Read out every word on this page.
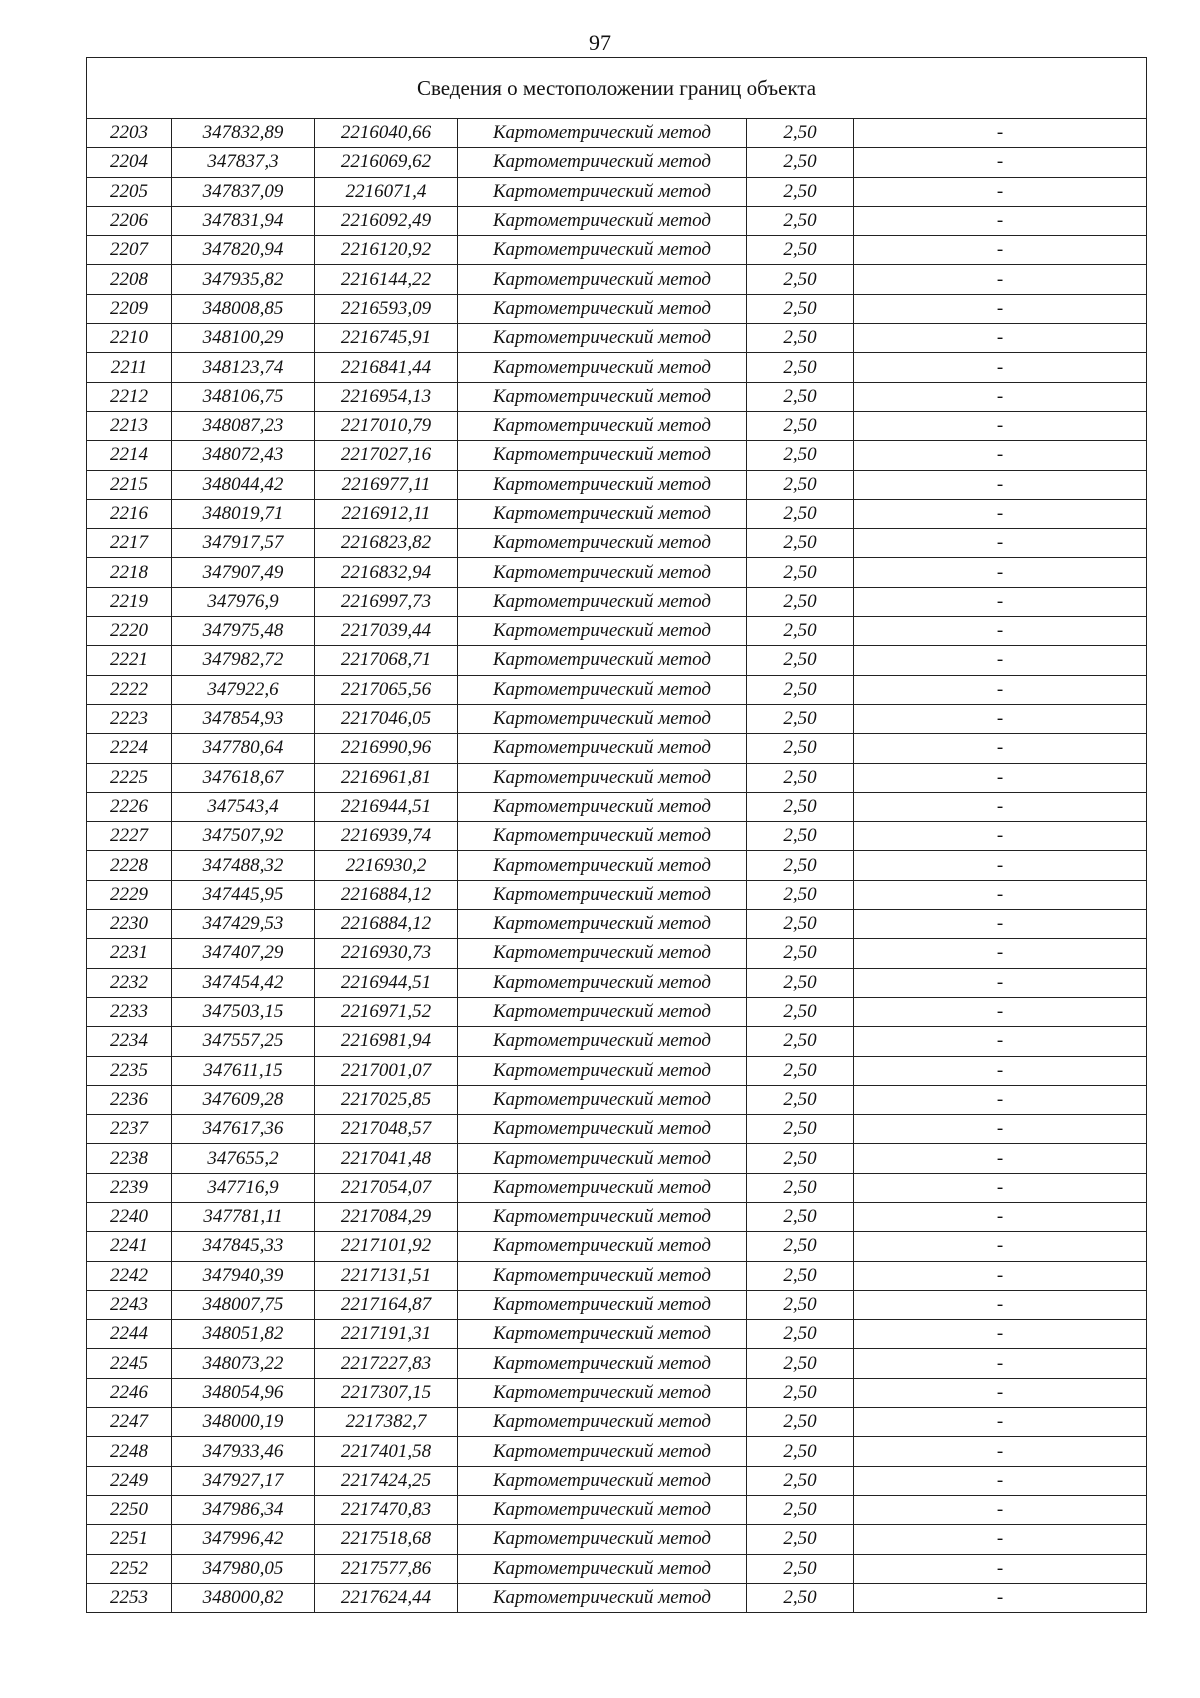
97
Сведения о местоположении границ объекта					
2203	347832,89	2216040,66	Картометрический метод	2,50	-
2204	347837,3	2216069,62	Картометрический метод	2,50	-
2205	347837,09	2216071,4	Картометрический метод	2,50	-
2206	347831,94	2216092,49	Картометрический метод	2,50	-
2207	347820,94	2216120,92	Картометрический метод	2,50	-
2208	347935,82	2216144,22	Картометрический метод	2,50	-
2209	348008,85	2216593,09	Картометрический метод	2,50	-
2210	348100,29	2216745,91	Картометрический метод	2,50	-
2211	348123,74	2216841,44	Картометрический метод	2,50	-
2212	348106,75	2216954,13	Картометрический метод	2,50	-
2213	348087,23	2217010,79	Картометрический метод	2,50	-
2214	348072,43	2217027,16	Картометрический метод	2,50	-
2215	348044,42	2216977,11	Картометрический метод	2,50	-
2216	348019,71	2216912,11	Картометрический метод	2,50	-
2217	347917,57	2216823,82	Картометрический метод	2,50	-
2218	347907,49	2216832,94	Картометрический метод	2,50	-
2219	347976,9	2216997,73	Картометрический метод	2,50	-
2220	347975,48	2217039,44	Картометрический метод	2,50	-
2221	347982,72	2217068,71	Картометрический метод	2,50	-
2222	347922,6	2217065,56	Картометрический метод	2,50	-
2223	347854,93	2217046,05	Картометрический метод	2,50	-
2224	347780,64	2216990,96	Картометрический метод	2,50	-
2225	347618,67	2216961,81	Картометрический метод	2,50	-
2226	347543,4	2216944,51	Картометрический метод	2,50	-
2227	347507,92	2216939,74	Картометрический метод	2,50	-
2228	347488,32	2216930,2	Картометрический метод	2,50	-
2229	347445,95	2216884,12	Картометрический метод	2,50	-
2230	347429,53	2216884,12	Картометрический метод	2,50	-
2231	347407,29	2216930,73	Картометрический метод	2,50	-
2232	347454,42	2216944,51	Картометрический метод	2,50	-
2233	347503,15	2216971,52	Картометрический метод	2,50	-
2234	347557,25	2216981,94	Картометрический метод	2,50	-
2235	347611,15	2217001,07	Картометрический метод	2,50	-
2236	347609,28	2217025,85	Картометрический метод	2,50	-
2237	347617,36	2217048,57	Картометрический метод	2,50	-
2238	347655,2	2217041,48	Картометрический метод	2,50	-
2239	347716,9	2217054,07	Картометрический метод	2,50	-
2240	347781,11	2217084,29	Картометрический метод	2,50	-
2241	347845,33	2217101,92	Картометрический метод	2,50	-
2242	347940,39	2217131,51	Картометрический метод	2,50	-
2243	348007,75	2217164,87	Картометрический метод	2,50	-
2244	348051,82	2217191,31	Картометрический метод	2,50	-
2245	348073,22	2217227,83	Картометрический метод	2,50	-
2246	348054,96	2217307,15	Картометрический метод	2,50	-
2247	348000,19	2217382,7	Картометрический метод	2,50	-
2248	347933,46	2217401,58	Картометрический метод	2,50	-
2249	347927,17	2217424,25	Картометрический метод	2,50	-
2250	347986,34	2217470,83	Картометрический метод	2,50	-
2251	347996,42	2217518,68	Картометрический метод	2,50	-
2252	347980,05	2217577,86	Картометрический метод	2,50	-
2253	348000,82	2217624,44	Картометрический метод	2,50	-
